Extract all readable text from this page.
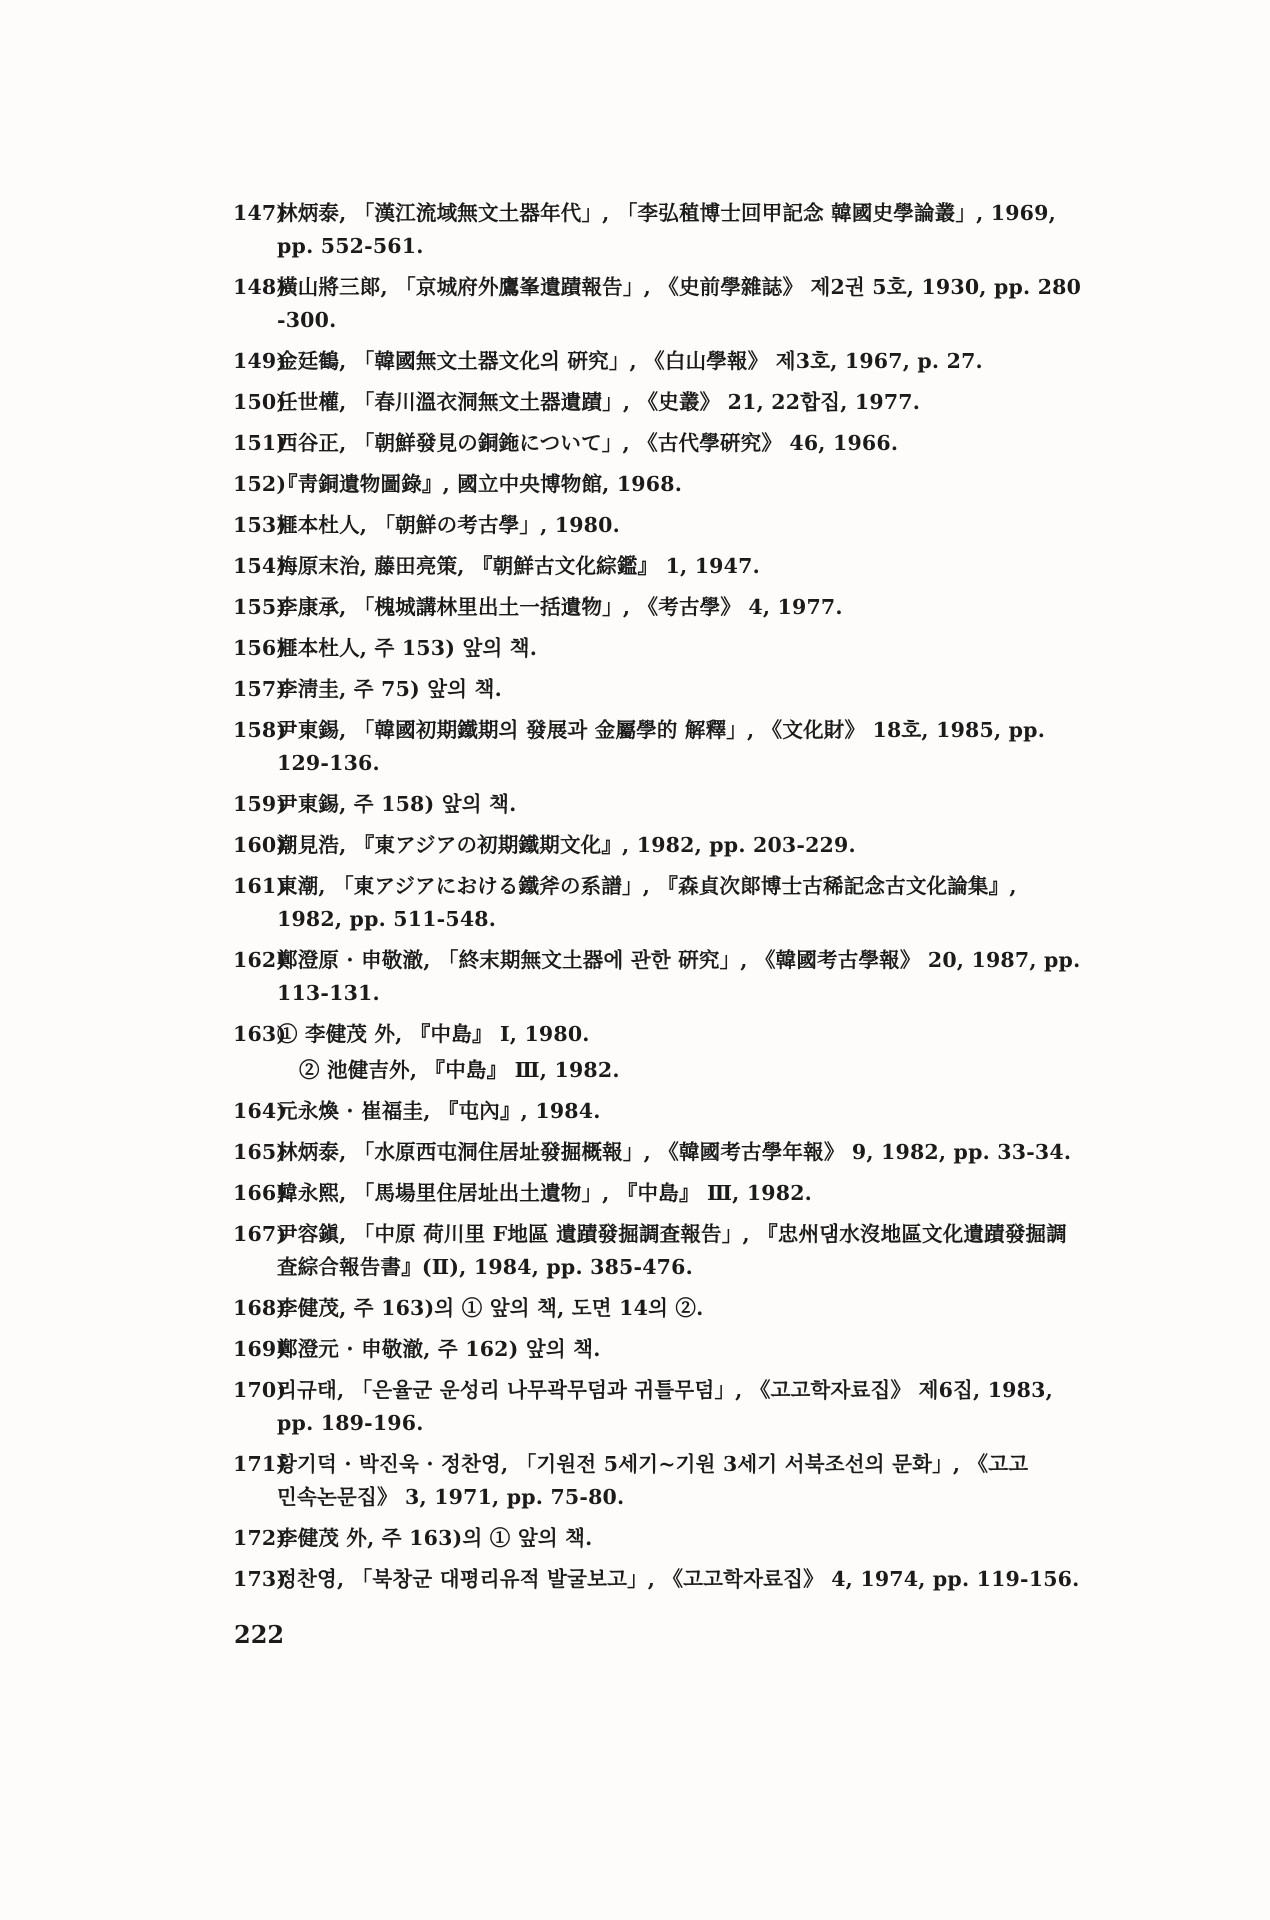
147)
林炳泰, 「漢江流域無文土器年代」, 「李弘稙博士回甲記念 韓國史學論叢」, 1969,
pp. 552-561.
148)
橫山將三郞, 「京城府外鷹峯遺蹟報告」, 《史前學雜誌》 제2권 5호, 1930, pp. 280
-300.
149)
金廷鶴, 「韓國無文土器文化의 硏究」, 《白山學報》 제3호, 1967, p. 27.
150)
任世權, 「春川溫衣洞無文土器遺蹟」, 《史叢》 21, 22합집, 1977.
151)
西谷正, 「朝鮮發見の銅鉇について」, 《古代學硏究》 46, 1966.
152)
『靑銅遺物圖錄』, 國立中央博物館, 1968.
153)
榧本杜人, 「朝鮮の考古學」, 1980.
154)
梅原末治, 藤田亮策, 『朝鮮古文化綜鑑』 1, 1947.
155)
李康承, 「槐城講林里出土一括遺物」, 《考古學》 4, 1977.
156)
榧本杜人, 주 153) 앞의 책.
157)
李淸圭, 주 75) 앞의 책.
158)
尹東錫, 「韓國初期鐵期의 發展과 金屬學的 解釋」, 《文化財》 18호, 1985, pp.
129-136.
159)
尹東錫, 주 158) 앞의 책.
160)
潮見浩, 『東アジアの初期鐵期文化』, 1982, pp. 203-229.
161)
東潮, 「東アジアにおける鐵斧の系譜」, 『森貞次郞博士古稀記念古文化論集』,
1982, pp. 511-548.
162)
鄭澄原 · 申敬澈, 「終末期無文土器에 관한 硏究」, 《韓國考古學報》 20, 1987, pp.
113-131.
163)
① 李健茂 外, 『中島』 Ⅰ, 1980.
② 池健吉外, 『中島』 Ⅲ, 1982.
164)
元永煥 · 崔福圭, 『屯內』, 1984.
165)
林炳泰, 「水原西屯洞住居址發掘概報」, 《韓國考古學年報》 9, 1982, pp. 33-34.
166)
韓永熙, 「馬場里住居址出土遺物」, 『中島』 Ⅲ, 1982.
167)
尹容鎭, 「中原 荷川里 F地區 遺蹟發掘調査報告」, 『忠州댐水沒地區文化遺蹟發掘調
査綜合報告書』(Ⅱ), 1984, pp. 385-476.
168)
李健茂, 주 163)의 ① 앞의 책, 도면 14의 ②.
169)
鄭澄元 · 申敬澈, 주 162) 앞의 책.
170)
리규태, 「은율군 운성리 나무곽무덤과 귀틀무덤」, 《고고학자료집》 제6집, 1983,
pp. 189-196.
171)
황기덕 · 박진욱 · 정찬영, 「기원전 5세기~기원 3세기 서북조선의 문화」, 《고고
민속논문집》 3, 1971, pp. 75-80.
172)
李健茂 外, 주 163)의 ① 앞의 책.
173)
정찬영, 「북창군 대평리유적 발굴보고」, 《고고학자료집》 4, 1974, pp. 119-156.
222
